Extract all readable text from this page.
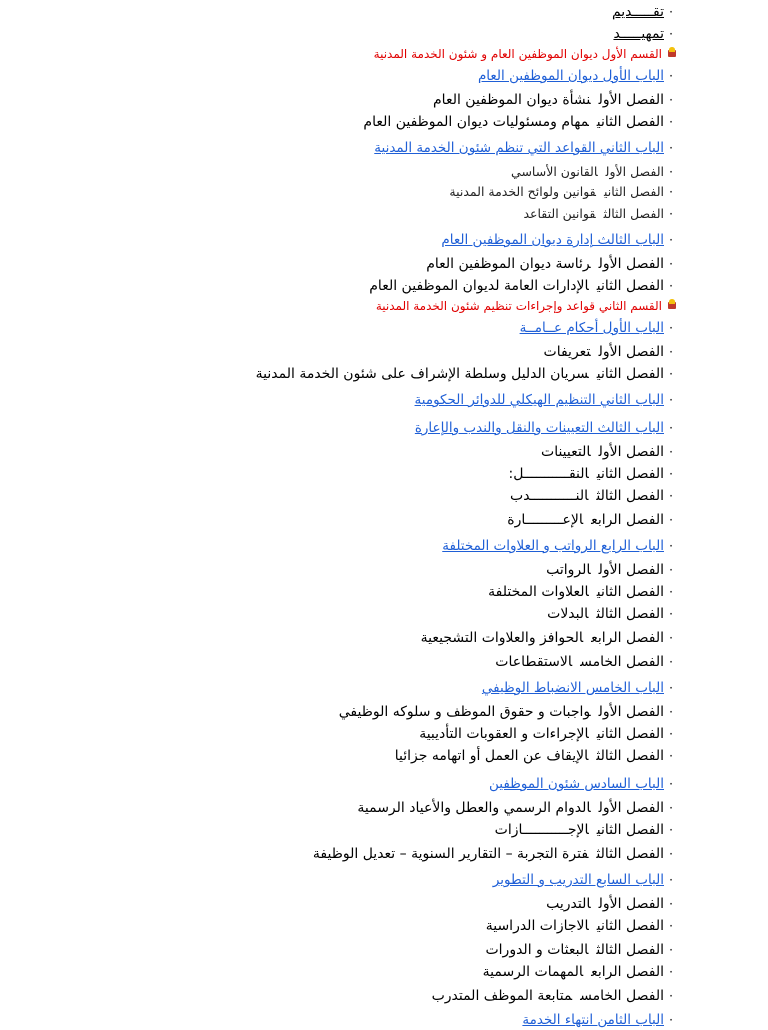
·تقـــــديم
·تمهيـــــد
القسم الأول ديوان الموظفين العام و شئون الخدمة المدنية
·الباب الأول ديوان الموظفين العام
·الفصل الأولنشأة ديوان الموظفين العام
·الفصل الثانيمهام ومسئوليات ديوان الموظفين العام
·الباب الثاني القواعد التي تنظم شئون الخدمة المدنية
·الفصل الأولالقانون الأساسي
·الفصل الثانيقوانين ولوائح الخدمة المدنية
·الفصل الثالثقوانين التقاعد
·الباب الثالث إدارة ديوان الموظفين العام
·الفصل الأولرئاسة ديوان الموظفين العام
·الفصل الثانيالإدارات العامة لديوان الموظفين العام
القسم الثاني قواعد وإجراءات تنظيم شئون الخدمة المدنية
·الباب الأول أحكام عــامــة
·الفصل الأولتعريفات
·الفصل الثانيسريان الدليل وسلطة الإشراف على شئون الخدمة المدنية
·الباب الثاني التنظيم الهيكلي للدوائر الحكومية
·الباب الثالث التعيينات والنقل والندب والإعارة
·الفصل الأولالتعيينات
·الفصل الثانيالنقـــــــــــل:
·الفصل الثالثالنـــــــــــدب
·الفصل الرابعالإعـــــــــارة
·الباب الرابع الرواتب و العلاوات المختلفة
·الفصل الأولالرواتب
·الفصل الثانيالعلاوات المختلفة
·الفصل الثالثالبدلات
·الفصل الرابعالحوافز والعلاوات التشجيعية
·الفصل الخامسالاستقطاعات
·الباب الخامس الانضباط الوظيفي
·الفصل الأولواجبات و حقوق الموظف و سلوكه الوظيفي
·الفصل الثانيالإجراءات و العقوبات التأديبية
·الفصل الثالثالإيقاف عن العمل أو اتهامه جزائيا
·الباب السادس شئون الموظفين
·الفصل الأولالدوام الرسمي والعطل والأعياد الرسمية
·الفصل الثانيالإجـــــــــــازات
·الفصل الثالثفترة التجربة – التقارير السنوية – تعديل الوظيفة
·الباب السابع التدريب و التطوير
·الفصل الأولالتدريب
·الفصل الثانيالاجازات الدراسية
·الفصل الثالثالبعثات و الدورات
·الفصل الرابعالمهمات الرسمية
·الفصل الخامسمتابعة الموظف المتدرب
·الباب الثامن انتهاء الخدمة
